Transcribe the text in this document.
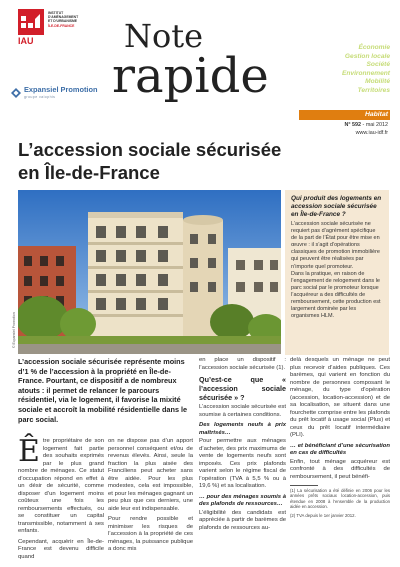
IAU
INSTITUT
D'AMÉNAGEMENT
ET D'URBANISME
ÎLE-DE-FRANCE
Expansiel Promotion
groupe valophis
Note
rapide
Économie
Gestion locale
Société
Environnement
Mobilité
Territoires
Habitat
N° 592 - mai 2012
www.iau-idf.fr
L’accession sociale sécurisée
en Île-de-France
© Expansiel Promotion

Qui produit des logements en accession sociale sécurisée en Île-de-France ?

L’accession sociale sécurisée ne requiert pas d’agrément spécifique de la part de l’État pour être mise en œuvre : il s’agit d’opérations classiques de promotion immobilière qui peuvent être réalisées par n’importe quel promoteur.

Dans la pratique, en raison de l’engagement de relogement dans le parc social par le promoteur lorsque l’acquéreur a des difficultés de remboursement, cette production est largement dominée par les organismes HLM.

L’accession sociale sécurisée représente moins d’1 % de l’accession à la propriété en Île-de-France. Pourtant, ce dispositif a de nombreux atouts : il permet de relancer le parcours résidentiel, via le logement, il favorise la mixité sociale et accroît la mobilité résidentielle dans le parc social.

Être propriétaire de son logement fait partie des souhaits exprimés par le plus grand nombre de ménages. Ce statut d’occupation répond en effet à un désir de sécurité, comme disposer d’un logement moins coûteux une fois les remboursements effectués, ou se constituer un capital transmissible, notamment à ses enfants.

Cependant, acquérir en Île-de-France est devenu difficile quand

on ne dispose pas d’un apport personnel conséquent et/ou de revenus élevés. Ainsi, seule la fraction la plus aisée des Franciliens peut acheter sans être aidée. Pour les plus modestes, cela est impossible, et pour les ménages gagnant un peu plus que ces derniers, une aide leur est indispensable.

Pour rendre possible et minimiser les risques de l’accession à la propriété de ces ménages, la puissance publique a donc mis

en place un dispositif : l’accession sociale sécurisée (1).

Qu’est-ce que « l’accession sociale sécurisée » ?

L’accession sociale sécurisée est soumise à certaines conditions.

Des logements neufs à prix maîtrisés…

Pour permettre aux ménages d’acheter, des prix maximums de vente de logements neufs sont imposés. Ces prix plafonds varient selon le régime fiscal de l’opération (TVA à 5,5 % ou à 19,6 %) et sa localisation.

… pour des ménages soumis à des plafonds de ressources…

L’éligibilité des candidats est appréciée à partir de barèmes de plafonds de ressources au-

delà desquels un ménage ne peut plus recevoir d’aides publiques. Ces barèmes, qui varient en fonction du nombre de personnes composant le ménage, du type d’opération (accession, location-accession) et de sa localisation, se situent dans une fourchette comprise entre les plafonds du prêt locatif à usage social (Plus) et ceux du prêt locatif intermédiaire (PLI).

… et bénéficiant d’une sécurisation en cas de difficultés

Enfin, tout ménage acquéreur est confronté à des difficultés de remboursement, il peut bénéfi-

(1) La sécurisation a été définie en 2006 pour les années prêts sociaux location-accession, puis étendue en 2008 à l’ensemble de la production aidée en accession.

(2) TVA depuis le 1er janvier 2012.
